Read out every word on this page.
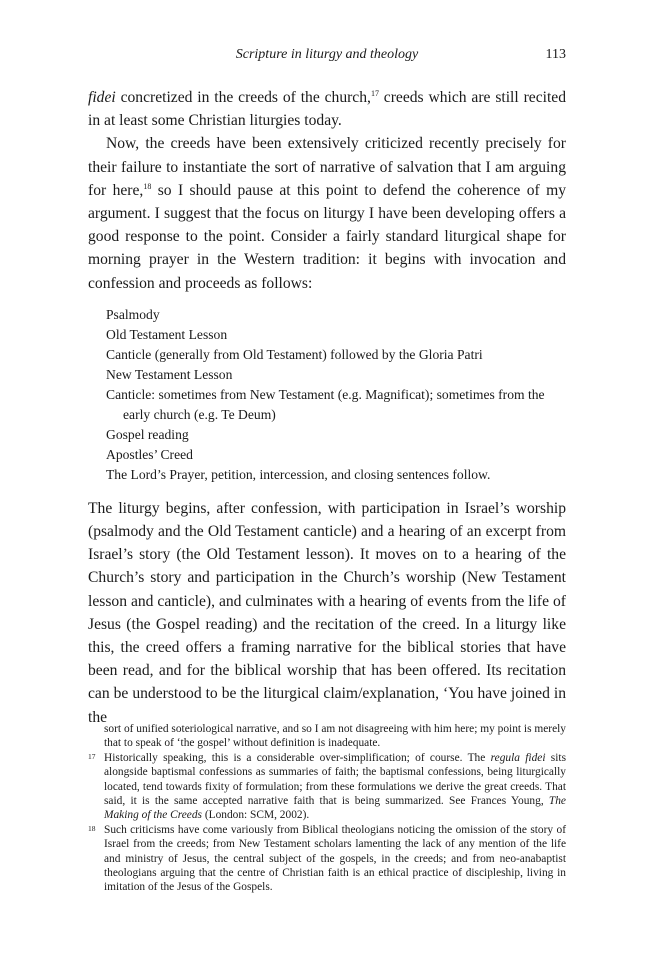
Scripture in liturgy and theology	113

fidei concretized in the creeds of the church,$^{17}$ creeds which are still recited in at least some Christian liturgies today.

Now, the creeds have been extensively criticized recently precisely for their failure to instantiate the sort of narrative of salvation that I am arguing for here,$^{18}$ so I should pause at this point to defend the coherence of my argument. I suggest that the focus on liturgy I have been developing offers a good response to the point. Consider a fairly standard liturgical shape for morning prayer in the Western tradition: it begins with invocation and confession and proceeds as follows:

Psalmody
Old Testament Lesson
Canticle (generally from Old Testament) followed by the Gloria Patri
New Testament Lesson
Canticle: sometimes from New Testament (e.g. Magnificat); sometimes from the early church (e.g. Te Deum)
Gospel reading
Apostles’ Creed
The Lord’s Prayer, petition, intercession, and closing sentences follow.

The liturgy begins, after confession, with participation in Israel’s worship (psalmody and the Old Testament canticle) and a hearing of an excerpt from Israel’s story (the Old Testament lesson). It moves on to a hearing of the Church’s story and participation in the Church’s worship (New Testament lesson and canticle), and culminates with a hearing of events from the life of Jesus (the Gospel reading) and the recitation of the creed. In a liturgy like this, the creed offers a framing narrative for the biblical stories that have been read, and for the biblical worship that has been offered. Its recitation can be understood to be the liturgical claim/explanation, ‘You have joined in the

sort of unified soteriological narrative, and so I am not disagreeing with him here; my point is merely that to speak of ‘the gospel’ without definition is inadequate.

17 Historically speaking, this is a considerable over-simplification; of course. The regula fidei sits alongside baptismal confessions as summaries of faith; the baptismal confessions, being liturgically located, tend towards fixity of formulation; from these formulations we derive the great creeds. That said, it is the same accepted narrative faith that is being summarized. See Frances Young, The Making of the Creeds (London: SCM, 2002).

18 Such criticisms have come variously from Biblical theologians noticing the omission of the story of Israel from the creeds; from New Testament scholars lamenting the lack of any mention of the life and ministry of Jesus, the central subject of the gospels, in the creeds; and from neo-anabaptist theologians arguing that the centre of Christian faith is an ethical practice of discipleship, living in imitation of the Jesus of the Gospels.
